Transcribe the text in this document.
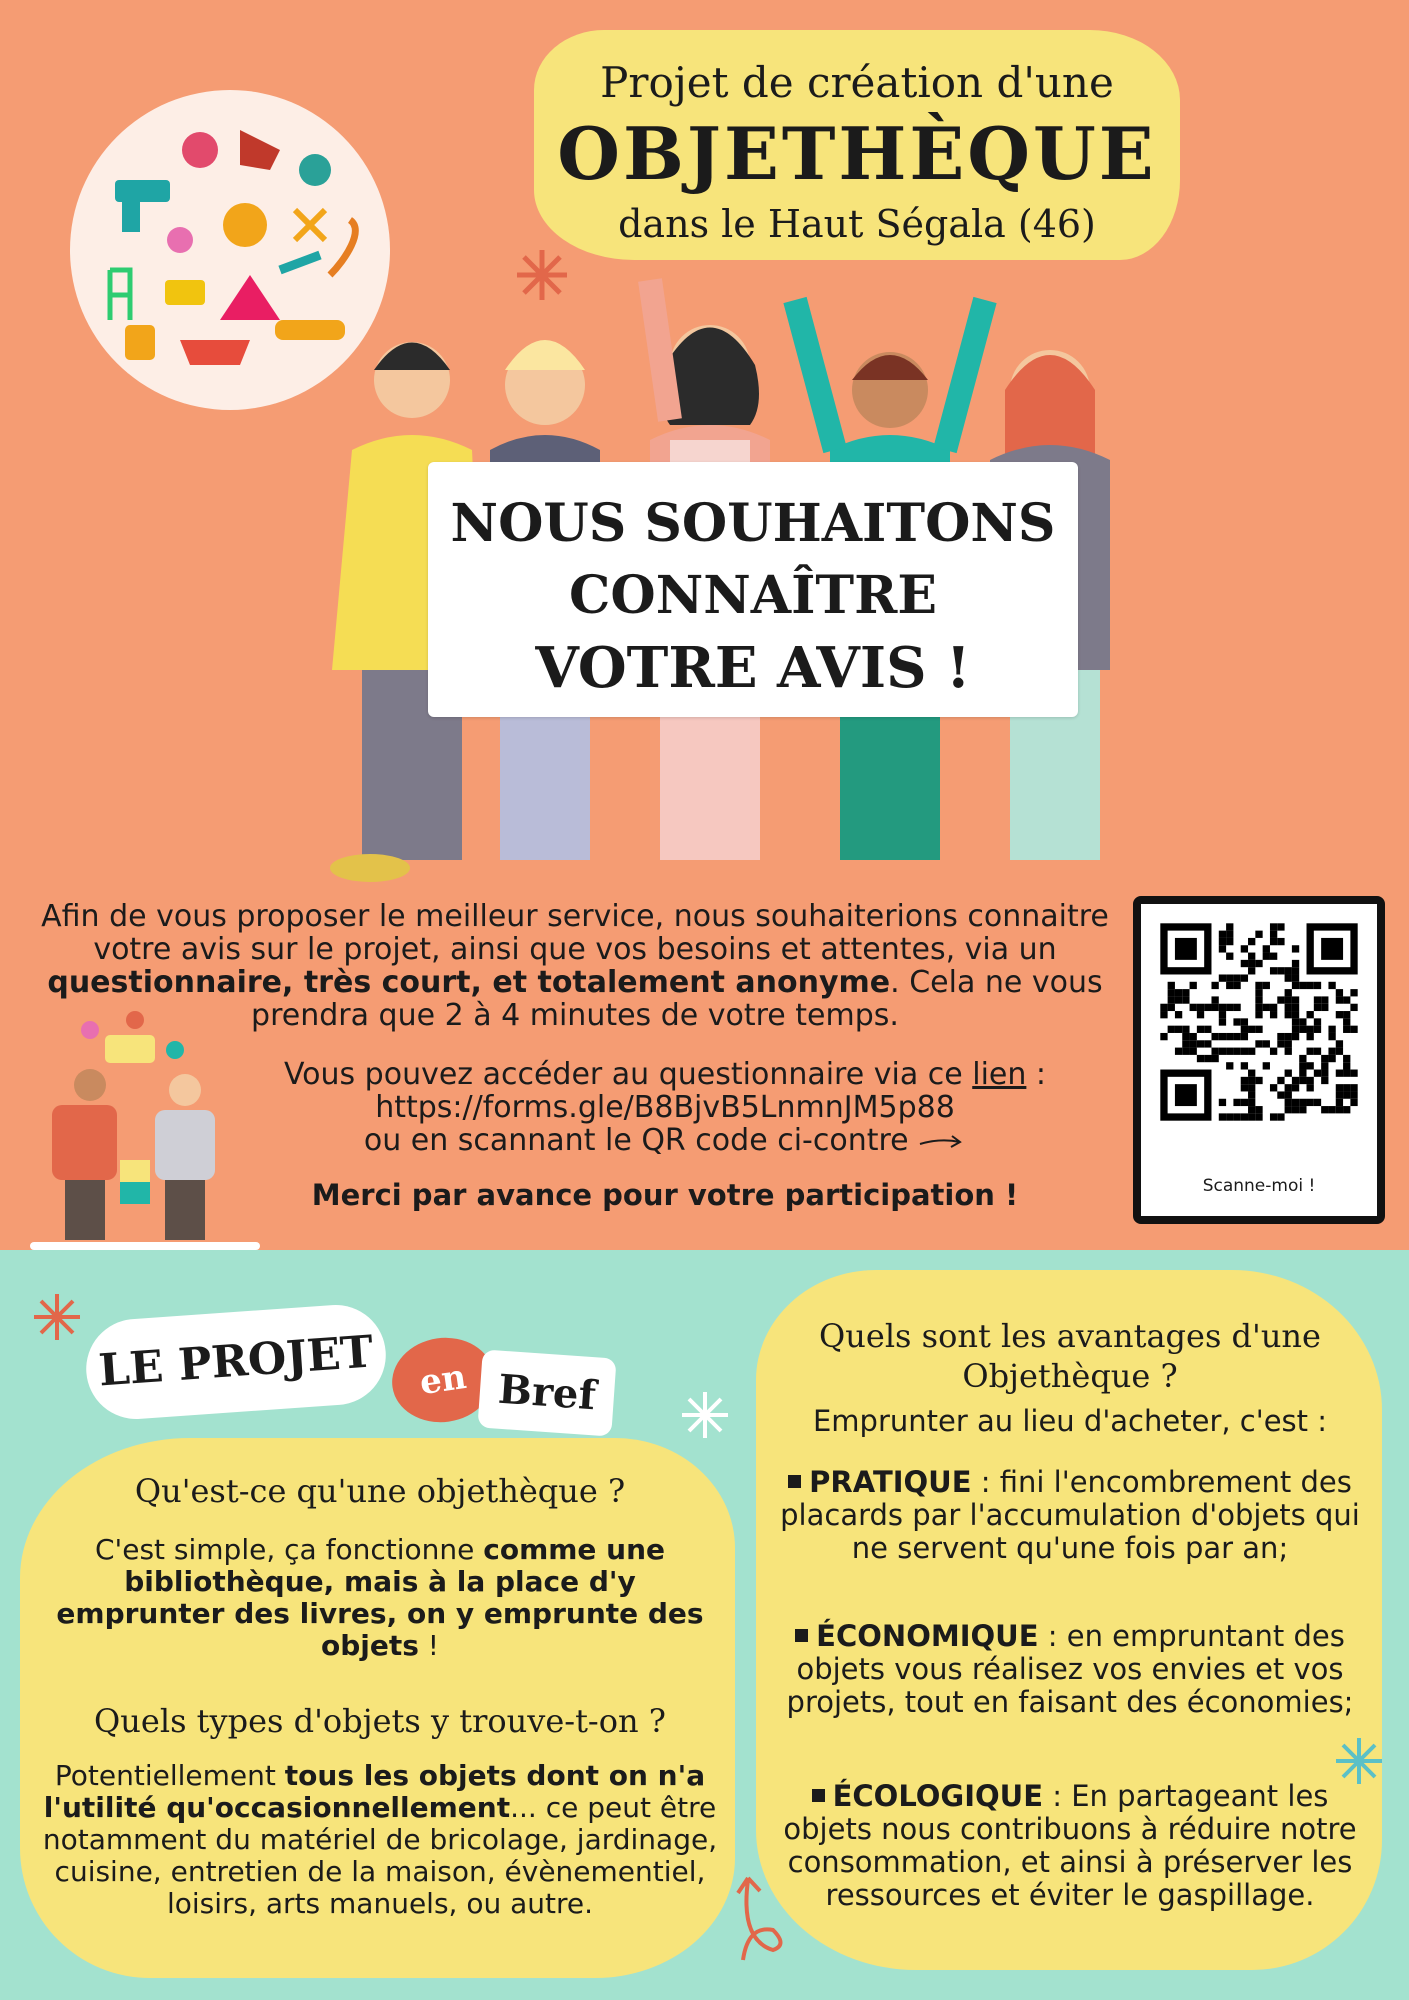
Projet de création d'une
OBJETHÈQUE
dans le Haut Ségala (46)
NOUS SOUHAITONS
CONNAÎTRE
VOTRE AVIS !
Afin de vous proposer le meilleur service, nous souhaiterions connaitre votre avis sur le projet, ainsi que vos besoins et attentes, via un questionnaire, très court, et totalement anonyme. Cela ne vous prendra que 2 à 4 minutes de votre temps.
Vous pouvez accéder au questionnaire via ce lien :
https://forms.gle/B8BjvB5LnmnJM5p88
ou en scannant le QR code ci-contre
Merci par avance pour votre participation !	Scanne-moi !
LE PROJET	en Bref
Qu'est-ce qu'une objethèque ?
C'est simple, ça fonctionne comme une bibliothèque, mais à la place d'y emprunter des livres, on y emprunte des objets !
Quels types d'objets y trouve-t-on ?
Potentiellement tous les objets dont on n'a l'utilité qu'occasionnellement... ce peut être notamment du matériel de bricolage, jardinage, cuisine, entretien de la maison, évènementiel, loisirs, arts manuels, ou autre.
Quels sont les avantages d'une Objethèque ?
Emprunter au lieu d'acheter, c'est :
PRATIQUE : fini l'encombrement des placards par l'accumulation d'objets qui ne servent qu'une fois par an;
ÉCONOMIQUE : en empruntant des objets vous réalisez vos envies et vos projets, tout en faisant des économies;
ÉCOLOGIQUE : En partageant les objets nous contribuons à réduire notre consommation, et ainsi à préserver les ressources et éviter le gaspillage.
